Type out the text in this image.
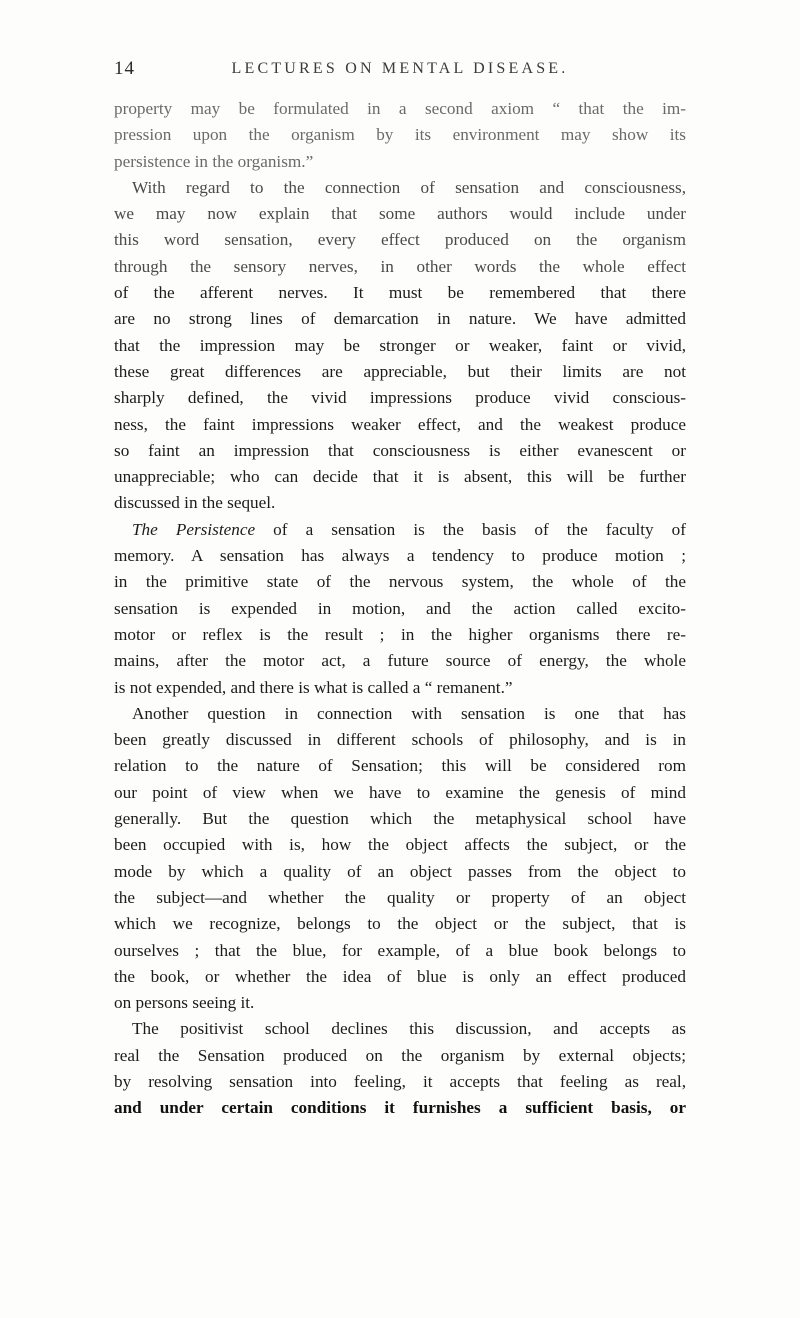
14	LECTURES ON MENTAL DISEASE.
property may be formulated in a second axiom “ that the im-
pression upon the organism by its environment may show its
persistence in the organism.”
With regard to the connection of sensation and consciousness,
we may now explain that some authors would include under
this word sensation, every effect produced on the organism
through the sensory nerves, in other words the whole effect
of the afferent nerves. It must be remembered that there
are no strong lines of demarcation in nature. We have admitted
that the impression may be stronger or weaker, faint or vivid,
these great differences are appreciable, but their limits are not
sharply defined, the vivid impressions produce vivid conscious-
ness, the faint impressions weaker effect, and the weakest produce
so faint an impression that consciousness is either evanescent or
unappreciable; who can decide that it is absent, this will be further
discussed in the sequel.
The Persistence of a sensation is the basis of the faculty of
memory. A sensation has always a tendency to produce motion ;
in the primitive state of the nervous system, the whole of the
sensation is expended in motion, and the action called excito-
motor or reflex is the result ; in the higher organisms there re-
mains, after the motor act, a future source of energy, the whole
is not expended, and there is what is called a “ remanent.”
Another question in connection with sensation is one that has
been greatly discussed in different schools of philosophy, and is in
relation to the nature of Sensation; this will be considered rom
our point of view when we have to examine the genesis of mind
generally. But the question which the metaphysical school have
been occupied with is, how the object affects the subject, or the
mode by which a quality of an object passes from the object to
the subject—and whether the quality or property of an object
which we recognize, belongs to the object or the subject, that is
ourselves ; that the blue, for example, of a blue book belongs to
the book, or whether the idea of blue is only an effect produced
on persons seeing it.
The positivist school declines this discussion, and accepts as
real the Sensation produced on the organism by external objects;
by resolving sensation into feeling, it accepts that feeling as real,
and under certain conditions it furnishes a sufficient basis, or
